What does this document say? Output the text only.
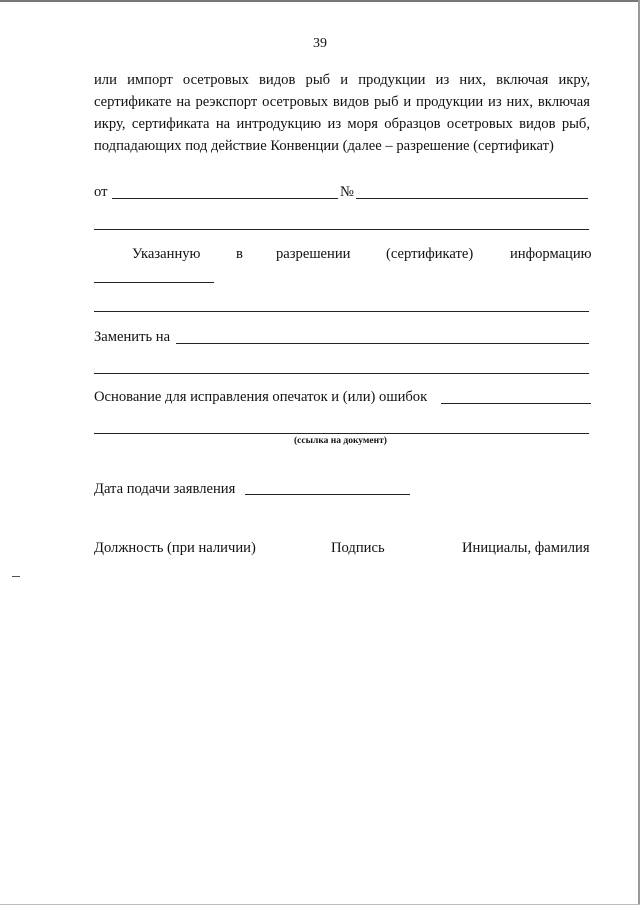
39
или импорт осетровых видов рыб и продукции из них, включая икру,
сертификате на реэкспорт осетровых видов рыб и продукции из них, включая
икру, сертификата на интродукцию из моря образцов осетровых видов рыб,
подпадающих под действие Конвенции (далее – разрешение (сертификат)
от	№
Указанную в разрешении (сертификате)	информацию
Заменить на
Основание для исправления опечаток и (или) ошибок
(ссылка на документ)
Дата подачи заявления
Должность (при наличии)	Подпись	Инициалы, фамилия
